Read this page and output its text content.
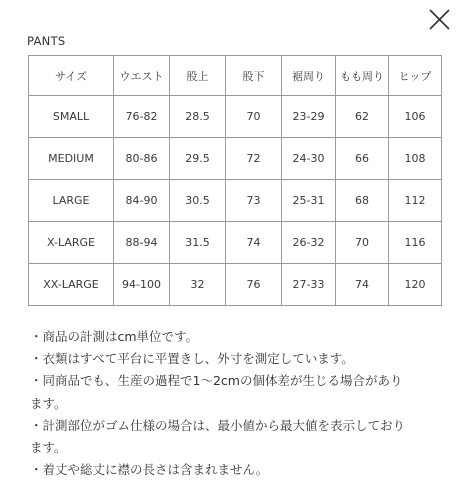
PANTS
サイズ	ウエスト	股上	股下	裾周り	もも周り	ヒップ
SMALL	76-82	28.5	70	23-29	62	106
MEDIUM	80-86	29.5	72	24-30	66	108
LARGE	84-90	30.5	73	25-31	68	112
X-LARGE	88-94	31.5	74	26-32	70	116
XX-LARGE	94-100	32	76	27-33	74	120
・商品の計測はcm単位です。
・衣類はすべて平台に平置きし、外寸を測定しています。
・同商品でも、生産の過程で1〜2cmの個体差が生じる場合があり
ます。
・計測部位がゴム仕様の場合は、最小値から最大値を表示しており
ます。
・着丈や総丈に襟の長さは含まれません。
